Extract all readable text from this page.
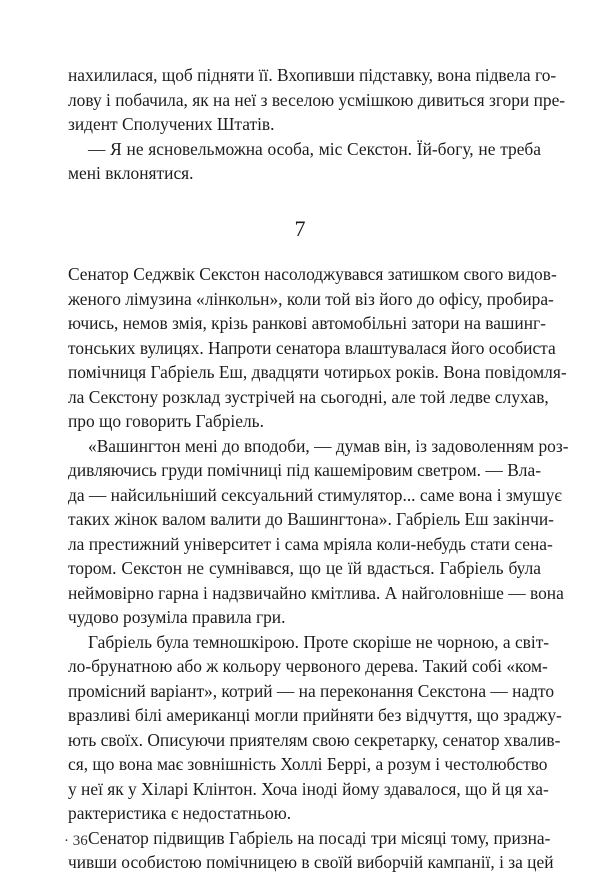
нахилилася, щоб підняти її. Вхопивши підставку, вона підвела го-
лову і побачила, як на неї з веселою усмішкою дивиться згори пре-
зидент Сполучених Штатів.
— Я не ясновельможна особа, міс Секстон. Їй-богу, не треба
мені вклонятися.
7
Сенатор Седжвік Секстон насолоджувався затишком свого видов-
женого лімузина «лінкольн», коли той віз його до офісу, пробира-
ючись, немов змія, крізь ранкові автомобільні затори на вашинг-
тонських вулицях. Напроти сенатора влаштувалася його особиста
помічниця Габріель Еш, двадцяти чотирьох років. Вона повідомля-
ла Секстону розклад зустрічей на сьогодні, але той ледве слухав,
про що говорить Габріель.
«Вашингтон мені до вподоби, — думав він, із задоволенням роз-
дивляючись груди помічниці під кашеміровим светром. — Вла-
да — найсильніший сексуальний стимулятор... саме вона і змушує
таких жінок валом валити до Вашингтона». Габріель Еш закінчи-
ла престижний університет і сама мріяла коли-небудь стати сена-
тором. Секстон не сумнівався, що це їй вдасться. Габріель була
неймовірно гарна і надзвичайно кмітлива. А найголовніше — вона
чудово розуміла правила гри.
Габріель була темношкірою. Проте скоріше не чорною, а світ-
ло-брунатною або ж кольору червоного дерева. Такий собі «ком-
промісний варіант», котрий — на переконання Секстона — надто
вразливі білі американці могли прийняти без відчуття, що зраджу-
ють своїх. Описуючи приятелям свою секретарку, сенатор хвалив-
ся, що вона має зовнішність Холлі Беррі, а розум і честолюбство
у неї як у Хіларі Клінтон. Хоча іноді йому здавалося, що й ця ха-
рактеристика є недостатньою.
Сенатор підвищив Габріель на посаді три місяці тому, призна-
чивши особистою помічницею в своїй виборчій кампанії, і за цей
· 36
